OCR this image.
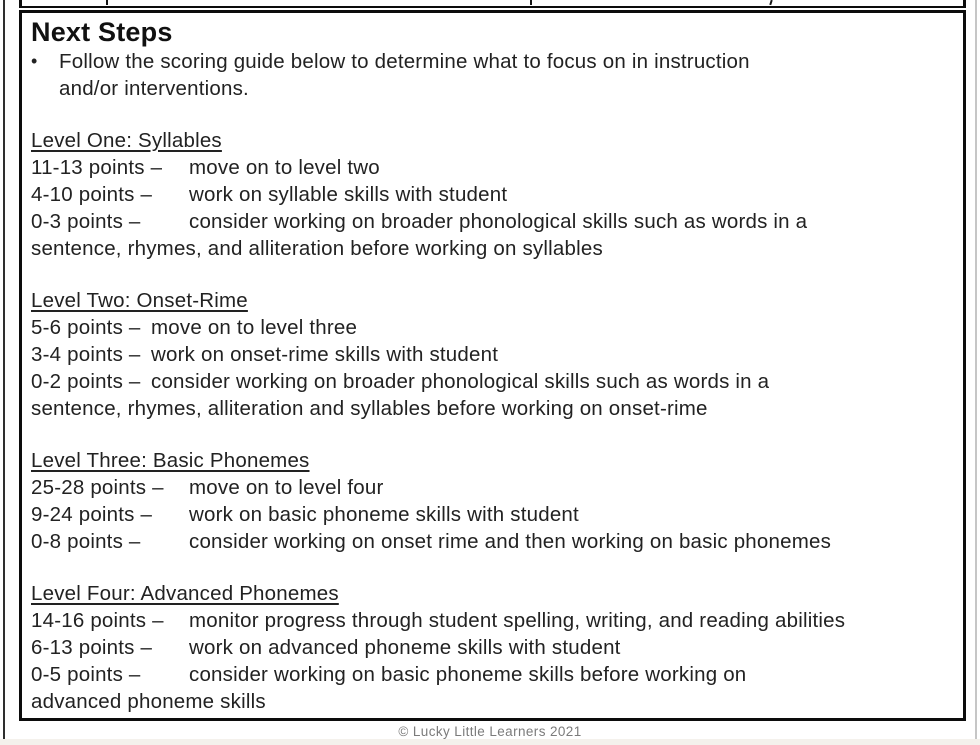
Next Steps
•	Follow the scoring guide below to determine what to focus on in instruction
and/or interventions.
Level One: Syllables
11-13 points –	move on to level two
4-10 points –	work on syllable skills with student
0-3 points –	consider working on broader phonological skills such as words in a
sentence, rhymes, and alliteration before working on syllables
Level Two: Onset-Rime
5-6 points – move on to level three
3-4 points – work on onset-rime skills with student
0-2 points – consider working on broader phonological skills such as words in a
sentence, rhymes, alliteration and syllables before working on onset-rime
Level Three: Basic Phonemes
25-28 points –	move on to level four
9-24 points –	work on basic phoneme skills with student
0-8 points –	consider working on onset rime and then working on basic phonemes
Level Four: Advanced Phonemes
14-16 points –	monitor progress through student spelling, writing, and reading abilities
6-13 points –	work on advanced phoneme skills with student
0-5 points –	consider working on basic phoneme skills before working on
advanced phoneme skills
© Lucky Little Learners 2021
